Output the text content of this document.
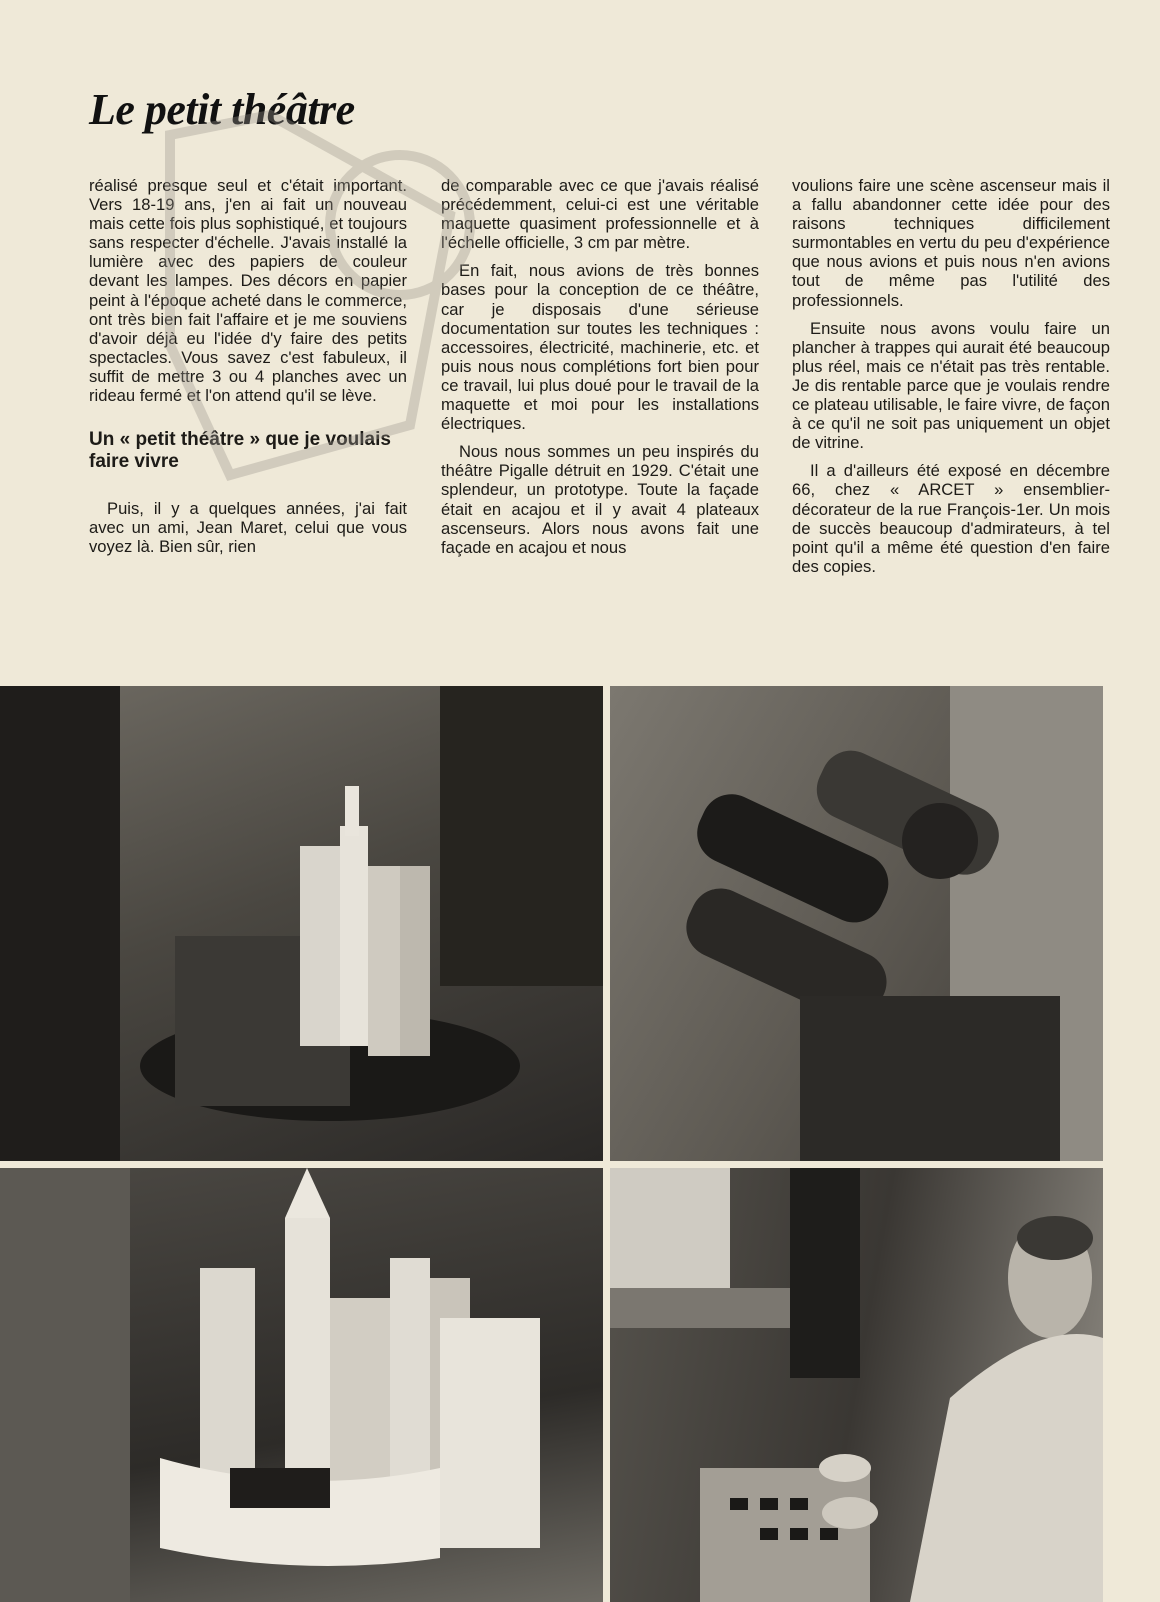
Le petit théâtre

réalisé presque seul et c'était important. Vers 18-19 ans, j'en ai fait un nouveau mais cette fois plus sophistiqué, et toujours sans respecter d'échelle. J'avais installé la lumière avec des papiers de couleur devant les lampes. Des décors en papier peint à l'époque acheté dans le commerce, ont très bien fait l'affaire et je me souviens d'avoir déjà eu l'idée d'y faire des petits spectacles. Vous savez c'est fabuleux, il suffit de mettre 3 ou 4 planches avec un rideau fermé et l'on attend qu'il se lève.

Un « petit théâtre » que je voulais faire vivre

Puis, il y a quelques années, j'ai fait avec un ami, Jean Maret, celui que vous voyez là. Bien sûr, rien

de comparable avec ce que j'avais réalisé précédemment, celui-ci est une véritable maquette quasiment professionnelle et à l'échelle officielle, 3 cm par mètre.

En fait, nous avions de très bonnes bases pour la conception de ce théâtre, car je disposais d'une sérieuse documentation sur toutes les techniques : accessoires, électricité, machinerie, etc. et puis nous nous complétions fort bien pour ce travail, lui plus doué pour le travail de la maquette et moi pour les installations électriques.

Nous nous sommes un peu inspirés du théâtre Pigalle détruit en 1929. C'était une splendeur, un prototype. Toute la façade était en acajou et il y avait 4 plateaux ascenseurs. Alors nous avons fait une façade en acajou et nous

voulions faire une scène ascenseur mais il a fallu abandonner cette idée pour des raisons techniques difficilement surmontables en vertu du peu d'expérience que nous avions et puis nous n'en avions tout de même pas l'utilité des professionnels.

Ensuite nous avons voulu faire un plancher à trappes qui aurait été beaucoup plus réel, mais ce n'était pas très rentable. Je dis rentable parce que je voulais rendre ce plateau utilisable, le faire vivre, de façon à ce qu'il ne soit pas uniquement un objet de vitrine.

Il a d'ailleurs été exposé en décembre 66, chez « ARCET » ensemblier-décorateur de la rue François-1er. Un mois de succès beaucoup d'admirateurs, à tel point qu'il a même été question d'en faire des copies.
